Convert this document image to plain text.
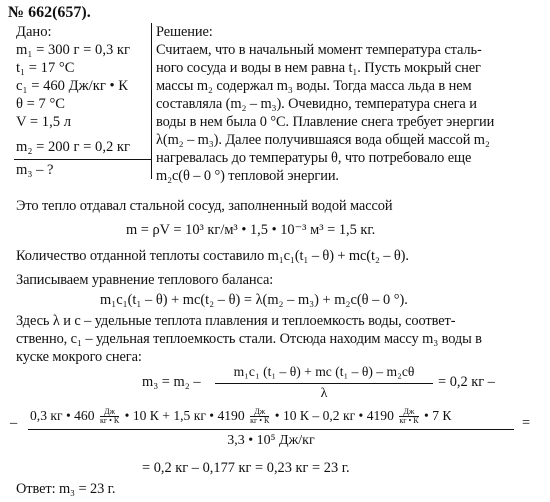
№ 662(657).
Дано:
m₁ = 300 г = 0,3 кг
t₁ = 17 °С
c₁ = 460 Дж/кг • К
θ = 7 °С
V = 1,5 л
m₂ = 200 г = 0,2 кг
m₃ – ?
Решение:
Считаем, что в начальный момент температура сталь-
ного сосуда и воды в нем равна t₁. Пусть мокрый снег
массы m₂ содержал m₃ воды. Тогда масса льда в нем
составляла (m₂ – m₃). Очевидно, температура снега и
воды в нем была 0 °С. Плавление снега требует энергии
λ(m₂ – m₃). Далее получившаяся вода общей массой m₂
нагревалась до температуры θ, что потребовало еще
m₂c(θ – 0 °) тепловой энергии.
Это тепло отдавал стальной сосуд, заполненный водой массой
m = ρV = 10³ кг/м³ • 1,5 • 10⁻³ м³ = 1,5 кг.
Количество отданной теплоты составило m₁c₁(t₁ – θ) + mc(t₂ – θ).
Записываем уравнение теплового баланса:
m₁c₁(t₁ – θ) + mc(t₂ – θ) = λ(m₂ – m₃) + m₂c(θ – 0 °).
Здесь λ и с – удельные теплота плавления и теплоемкость воды, соответ-
ственно, c₁ – удельная теплоемкость стали. Отсюда находим массу m₃ воды в
куске мокрого снега:
m₃ = m₂ –
m₁c₁ (t₁ – θ) + mc (t₁ – θ) – m₂cθ
λ
= 0,2 кг –
– 0,3 кг • 460	Дж
кг • К • 10 К + 1,5 кг • 4190	Дж
кг • К • 10 К – 0,2 кг • 4190	Дж
кг • К • 7 К
3,3 • 10⁵ Дж/кг
=
= 0,2 кг – 0,177 кг = 0,23 кг = 23 г.
Ответ: m₃ = 23 г.
